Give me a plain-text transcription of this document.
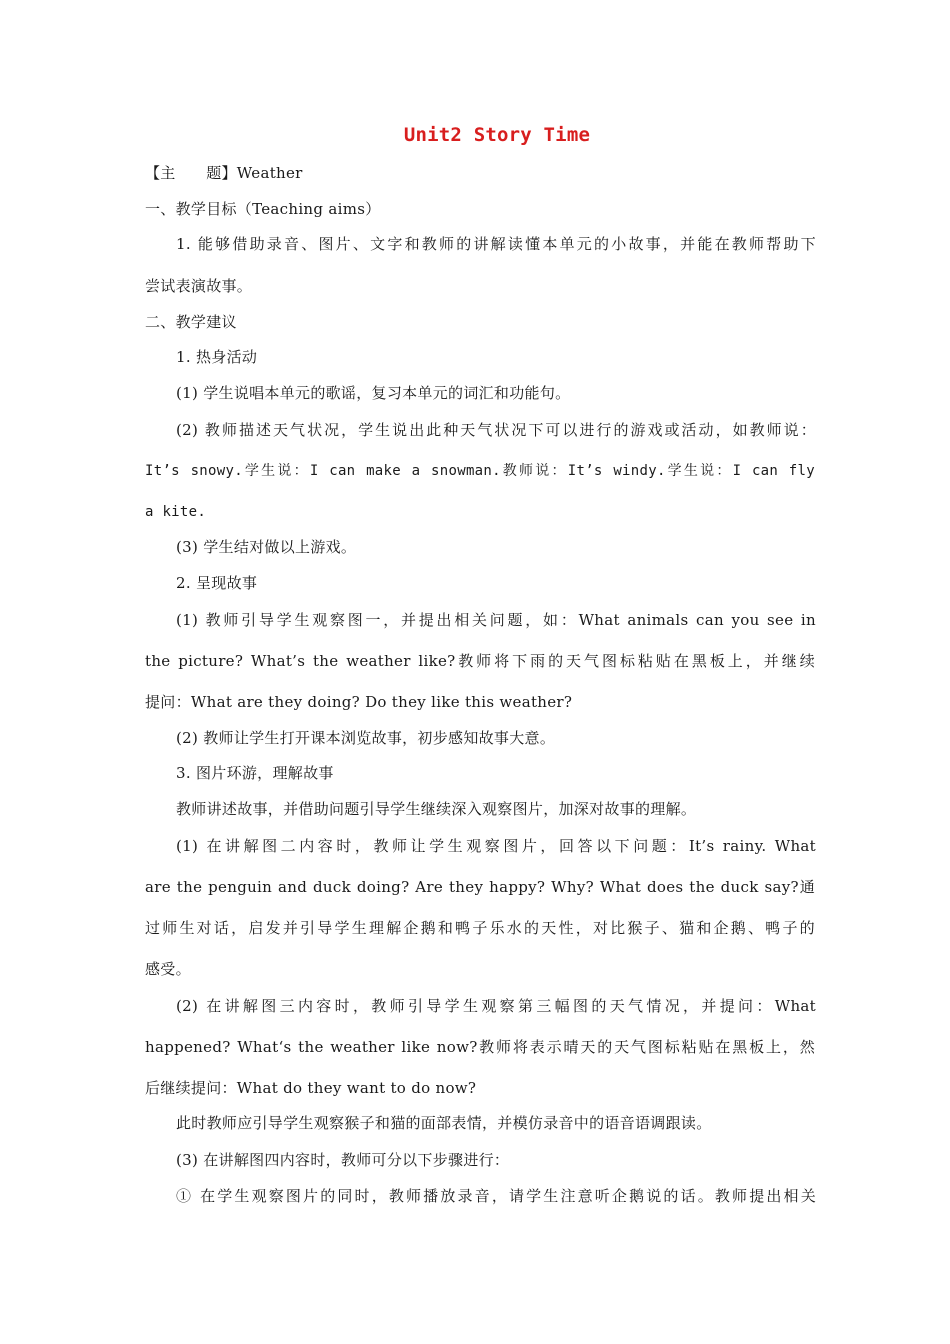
Unit2 Story Time
【主　　题】Weather
一、教学目标（Teaching aims）
1. 能够借助录音、图片、文字和教师的讲解读懂本单元的小故事，并能在教师帮助下
尝试表演故事。
二、教学建议
1. 热身活动
(1) 学生说唱本单元的歌谣，复习本单元的词汇和功能句。
(2) 教师描述天气状况，学生说出此种天气状况下可以进行的游戏或活动，如教师说：
It’s snowy.学生说：I can make a snowman.教师说：It’s windy.学生说：I can fly
a kite.
(3) 学生结对做以上游戏。
2. 呈现故事
(1) 教师引导学生观察图一，并提出相关问题，如：What animals can you see in
the picture? What’s the weather like?教师将下雨的天气图标粘贴在黑板上，并继续
提问：What are they doing? Do they like this weather?
(2) 教师让学生打开课本浏览故事，初步感知故事大意。
3. 图片环游，理解故事
教师讲述故事，并借助问题引导学生继续深入观察图片，加深对故事的理解。
(1) 在讲解图二内容时，教师让学生观察图片，回答以下问题：It’s rainy. What
are the penguin and duck doing? Are they happy? Why? What does the duck say?通
过师生对话，启发并引导学生理解企鹅和鸭子乐水的天性，对比猴子、猫和企鹅、鸭子的
感受。
(2) 在讲解图三内容时，教师引导学生观察第三幅图的天气情况，并提问：What
happened? What‘s the weather like now?教师将表示晴天的天气图标粘贴在黑板上，然
后继续提问：What do they want to do now?
此时教师应引导学生观察猴子和猫的面部表情，并模仿录音中的语音语调跟读。
(3) 在讲解图四内容时，教师可分以下步骤进行：
① 在学生观察图片的同时，教师播放录音，请学生注意听企鹅说的话。教师提出相关
